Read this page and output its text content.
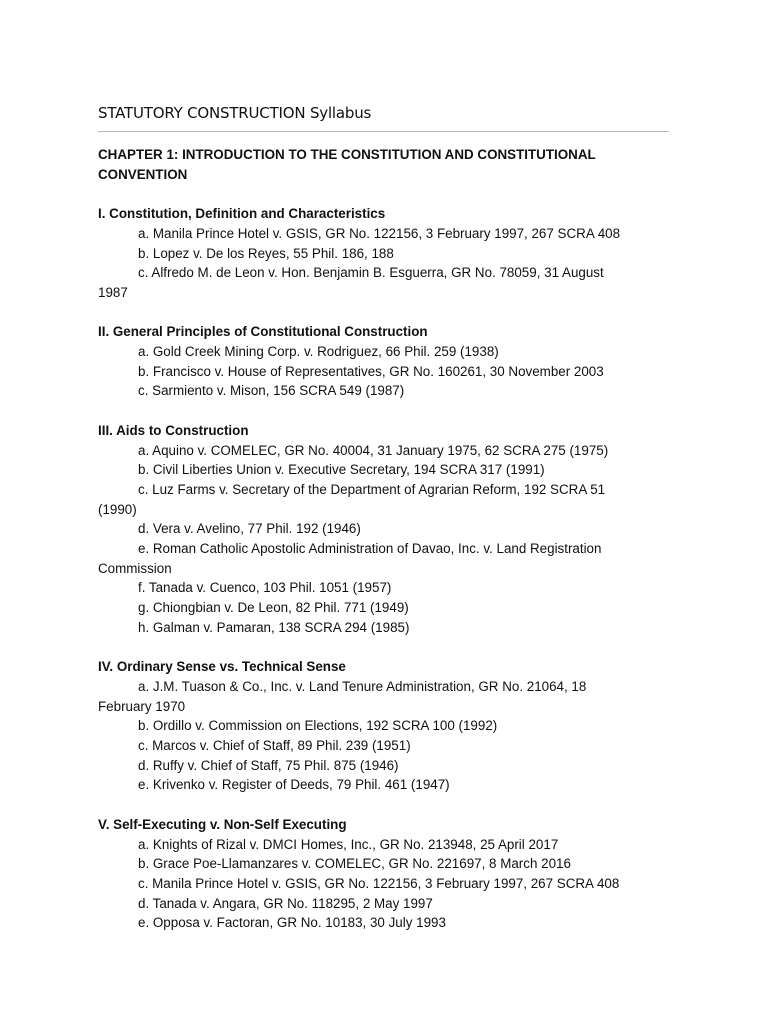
STATUTORY CONSTRUCTION Syllabus

CHAPTER 1: INTRODUCTION TO THE CONSTITUTION AND CONSTITUTIONAL CONVENTION

I. Constitution, Definition and Characteristics

a. Manila Prince Hotel v. GSIS, GR No. 122156, 3 February 1997, 267 SCRA 408
b. Lopez v. De los Reyes, 55 Phil. 186, 188
c. Alfredo M. de Leon v. Hon. Benjamin B. Esguerra, GR No. 78059, 31 August
1987

II. General Principles of Constitutional Construction

a. Gold Creek Mining Corp. v. Rodriguez, 66 Phil. 259 (1938)
b. Francisco v. House of Representatives, GR No. 160261, 30 November 2003
c. Sarmiento v. Mison, 156 SCRA 549 (1987)

III. Aids to Construction

a. Aquino v. COMELEC, GR No. 40004, 31 January 1975, 62 SCRA 275 (1975)
b. Civil Liberties Union v. Executive Secretary, 194 SCRA 317 (1991)
c. Luz Farms v. Secretary of the Department of Agrarian Reform, 192 SCRA 51
(1990)
d. Vera v. Avelino, 77 Phil. 192 (1946)
e. Roman Catholic Apostolic Administration of Davao, Inc. v. Land Registration
Commission
f. Tanada v. Cuenco, 103 Phil. 1051 (1957)
g. Chiongbian v. De Leon, 82 Phil. 771 (1949)
h. Galman v. Pamaran, 138 SCRA 294 (1985)

IV. Ordinary Sense vs. Technical Sense

a. J.M. Tuason & Co., Inc. v. Land Tenure Administration, GR No. 21064, 18
February 1970
b. Ordillo v. Commission on Elections, 192 SCRA 100 (1992)
c. Marcos v. Chief of Staff, 89 Phil. 239 (1951)
d. Ruffy v. Chief of Staff, 75 Phil. 875 (1946)
e. Krivenko v. Register of Deeds, 79 Phil. 461 (1947)

V. Self-Executing v. Non-Self Executing

a. Knights of Rizal v. DMCI Homes, Inc., GR No. 213948, 25 April 2017
b. Grace Poe-Llamanzares v. COMELEC, GR No. 221697, 8 March 2016
c. Manila Prince Hotel v. GSIS, GR No. 122156, 3 February 1997, 267 SCRA 408
d. Tanada v. Angara, GR No. 118295, 2 May 1997
e. Opposa v. Factoran, GR No. 10183, 30 July 1993
